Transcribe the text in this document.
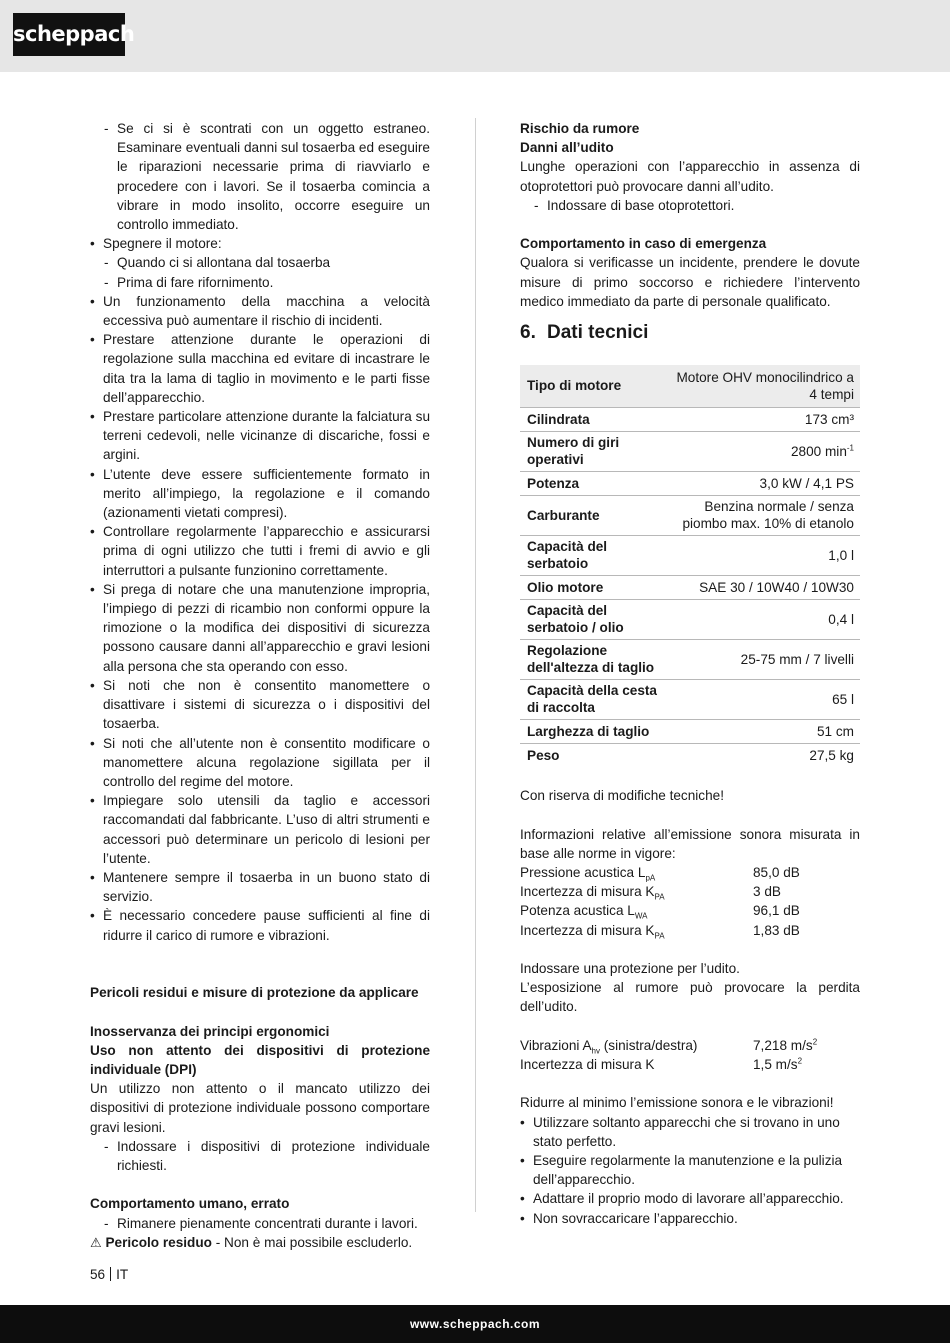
scheppach
- Se ci si è scontrati con un oggetto estraneo. Esaminare eventuali danni sul tosaerba ed eseguire le riparazioni necessarie prima di riavviarlo e procedere con i lavori. Se il tosaerba comincia a vibrare in modo insolito, occorre eseguire un controllo immediato.
• Spegnere il motore:
- Quando ci si allontana dal tosaerba
- Prima di fare rifornimento.
• Un funzionamento della macchina a velocità eccessiva può aumentare il rischio di incidenti.
• Prestare attenzione durante le operazioni di regolazione sulla macchina ed evitare di incastrare le dita tra la lama di taglio in movimento e le parti fisse dell’apparecchio.
• Prestare particolare attenzione durante la falciatura su terreni cedevoli, nelle vicinanze di discariche, fossi e argini.
• L’utente deve essere sufficientemente formato in merito all’impiego, la regolazione e il comando (azionamenti vietati compresi).
• Controllare regolarmente l’apparecchio e assicurarsi prima di ogni utilizzo che tutti i fremi di avvio e gli interruttori a pulsante funzionino correttamente.
• Si prega di notare che una manutenzione impropria, l’impiego di pezzi di ricambio non conformi oppure la rimozione o la modifica dei dispositivi di sicurezza possono causare danni all’apparecchio e gravi lesioni alla persona che sta operando con esso.
• Si noti che non è consentito manomettere o disattivare i sistemi di sicurezza o i dispositivi del tosaerba.
• Si noti che all’utente non è consentito modificare o manomettere alcuna regolazione sigillata per il controllo del regime del motore.
• Impiegare solo utensili da taglio e accessori raccomandati dal fabbricante. L’uso di altri strumenti e accessori può determinare un pericolo di lesioni per l’utente.
• Mantenere sempre il tosaerba in un buono stato di servizio.
• È necessario concedere pause sufficienti al fine di ridurre il carico di rumore e vibrazioni.
Pericoli residui e misure di protezione da applicare
Inosservanza dei principi ergonomici
Uso non attento dei dispositivi di protezione individuale (DPI)
Un utilizzo non attento o il mancato utilizzo dei dispositivi di protezione individuale possono comportare gravi lesioni.
- Indossare i dispositivi di protezione individuale richiesti.
Comportamento umano, errato
- Rimanere pienamente concentrati durante i lavori.
⚠ Pericolo residuo - Non è mai possibile escluderlo.
Rischio da rumore
Danni all’udito
Lunghe operazioni con l’apparecchio in assenza di otoprotettori può provocare danni all’udito.
- Indossare di base otoprotettori.
Comportamento in caso di emergenza
Qualora si verificasse un incidente, prendere le dovute misure di primo soccorso e richiedere l’intervento medico immediato da parte di personale qualificato.
6. Dati tecnici
Tipo di motore	Motore OHV monocilindrico a 4 tempi
Cilindrata	173 cm³
Numero di giri operativi	2800 $\min^{-1}$
Potenza	3,0 kW / 4,1 PS
Carburante	Benzina normale / senza piombo max. 10% di etanolo
Capacità del serbatoio	1,0 l
Olio motore	SAE 30 / 10W40 / 10W30
Capacità del serbatoio / olio	0,4 l
Regolazione dell'altezza di taglio	25-75 mm / 7 livelli
Capacità della cesta di raccolta	65 l
Larghezza di taglio	51 cm
Peso	27,5 kg
Con riserva di modifiche tecniche!
Informazioni relative all’emissione sonora misurata in base alle norme in vigore:
Pressione acustica $L_{pA}$	85,0 dB
Incertezza di misura $K_{PA}$	3 dB
Potenza acustica $L_{WA}$	96,1 dB
Incertezza di misura $K_{PA}$	1,83 dB
Indossare una protezione per l’udito.
L’esposizione al rumore può provocare la perdita dell’udito.
Vibrazioni $A_{hv}$ (sinistra/destra)	7,218 $m/s^2$
Incertezza di misura K	1,5 $m/s^2$
Ridurre al minimo l’emissione sonora e le vibrazioni!
• Utilizzare soltanto apparecchi che si trovano in uno stato perfetto.
• Eseguire regolarmente la manutenzione e la pulizia dell’apparecchio.
• Adattare il proprio modo di lavorare all’apparecchio.
• Non sovraccaricare l’apparecchio.
56 IT
www.scheppach.com
